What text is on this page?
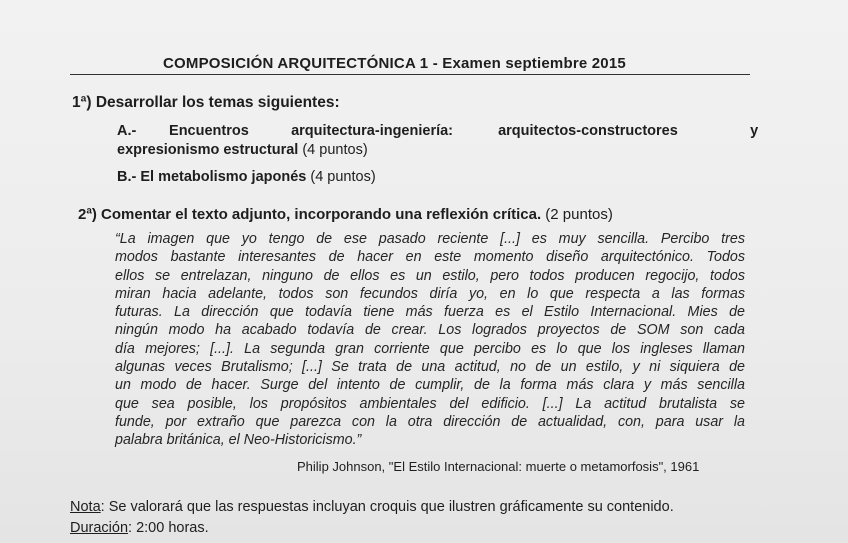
COMPOSICIÓN ARQUITECTÓNICA 1 - Examen septiembre 2015
1ª) Desarrollar los temas siguientes:
A.- Encuentros	arquitectura-ingeniería:	arquitectos-constructores	y
expresionismo estructural (4 puntos)
B.- El metabolismo japonés (4 puntos)
2ª) Comentar el texto adjunto, incorporando una reflexión crítica. (2 puntos)
“La imagen que yo tengo de ese pasado reciente [...] es muy sencilla. Percibo tres
modos bastante interesantes de hacer en este momento diseño arquitectónico. Todos
ellos se entrelazan, ninguno de ellos es un estilo, pero todos producen regocijo, todos
miran hacia adelante, todos son fecundos diría yo, en lo que respecta a las formas
futuras. La dirección que todavía tiene más fuerza es el Estilo Internacional. Mies de
ningún modo ha acabado todavía de crear. Los logrados proyectos de SOM son cada
día mejores; [...]. La segunda gran corriente que percibo es lo que los ingleses llaman
algunas veces Brutalismo; [...] Se trata de una actitud, no de un estilo, y ni siquiera de
un modo de hacer. Surge del intento de cumplir, de la forma más clara y más sencilla
que sea posible, los propósitos ambientales del edificio. [...] La actitud brutalista se
funde, por extraño que parezca con la otra dirección de actualidad, con, para usar la
palabra británica, el Neo-Historicismo.”
Philip Johnson, "El Estilo Internacional: muerte o metamorfosis", 1961
Nota: Se valorará que las respuestas incluyan croquis que ilustren gráficamente su contenido.
Duración: 2:00 horas.
